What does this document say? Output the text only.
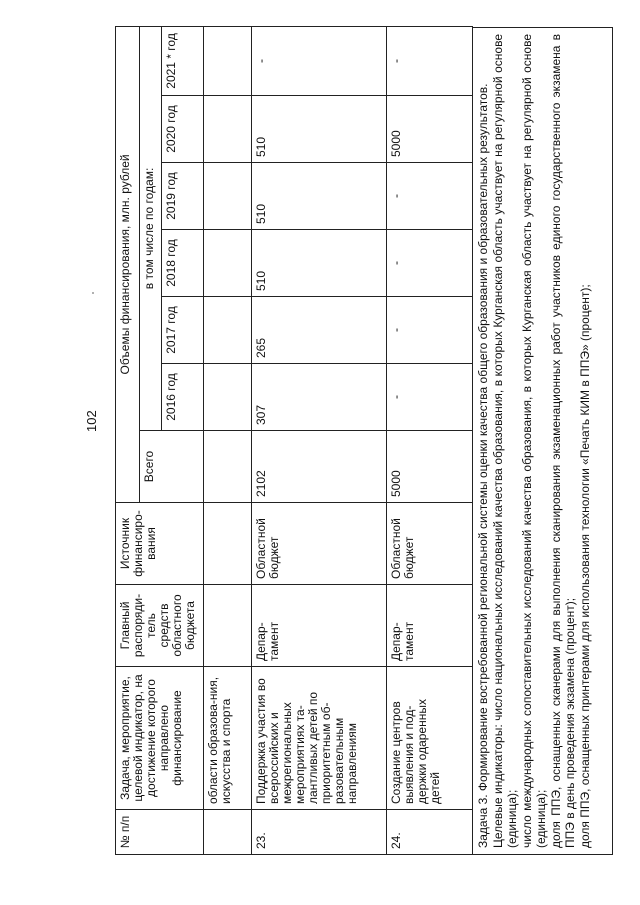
102
№ п/п	Задача, мероприятие, целевой индикатор, на достижение которого направлено финансирование	Главный распоряди-тель средств областного бюджета	Источник финансиро-вания	Объемы финансирования, млн. рублей						
				Всего	в том числе по годам:					
					2016 год	2017 год	2018 год	2019 год	2020 год	2021 * год
	области образова-ния, искусства и спорта									
23.	Поддержка участия во всероссийских и межрегиональных мероприятиях та-лантливых детей по приоритетным об-разовательным направлениям	Депар-тамент	Областной бюджет	2102	307	265	510	510	510	-
24.	Создание центров выявления и под-держки одаренных детей	Депар-тамент	Областной бюджет	5000	-	-	-	-	5000	-

Задача 3. Формирование востребованной региональной системы оценки качества общего образования и образовательных результатов. Целевые индикаторы: число национальных исследований качества образования, в которых Курганская область участвует на регулярной основе (единица); число международных сопоставительных исследований качества образования, в которых Курганская область участвует на регулярной основе (единица); доля ППЭ, оснащенных сканерами для выполнения сканирования экзаменационных работ участников единого государственного экзамена в ППЭ в день проведения экзамена (процент); доля ППЭ, оснащенных принтерами для использования технологии «Печать КИМ в ППЭ» (процент);
